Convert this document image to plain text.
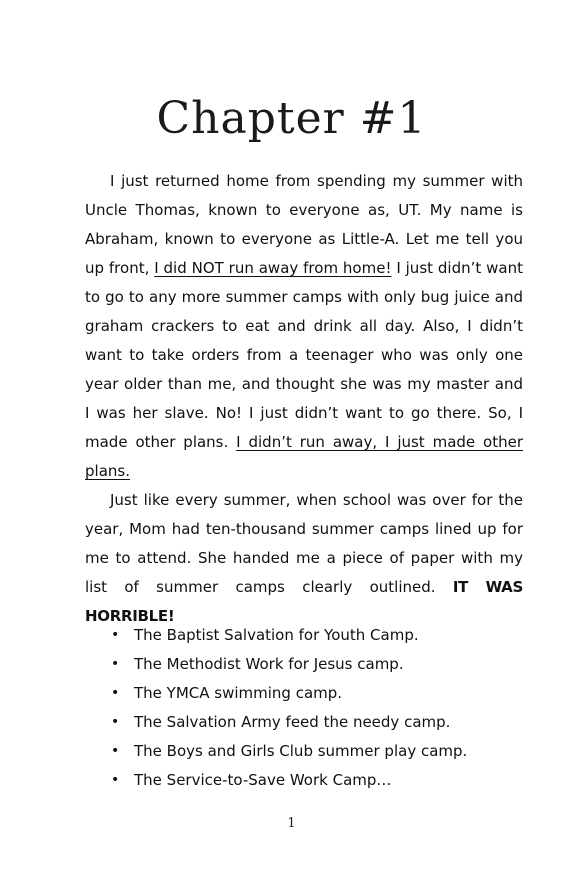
Chapter #1

I just returned home from spending my summer with Uncle Thomas, known to everyone as, UT. My name is Abraham, known to everyone as Little-A. Let me tell you up front, I did NOT run away from home! I just didn’t want to go to any more summer camps with only bug juice and graham crackers to eat and drink all day. Also, I didn’t want to take orders from a teenager who was only one year older than me, and thought she was my master and I was her slave. No! I just didn’t want to go there. So, I made other plans. I didn’t run away, I just made other plans.

Just like every summer, when school was over for the year, Mom had ten-thousand summer camps lined up for me to attend. She handed me a piece of paper with my list of summer camps clearly outlined. IT WAS HORRIBLE!

• The Baptist Salvation for Youth Camp.
• The Methodist Work for Jesus camp.
• The YMCA swimming camp.
• The Salvation Army feed the needy camp.
• The Boys and Girls Club summer play camp.
• The Service-to-Save Work Camp…
1
